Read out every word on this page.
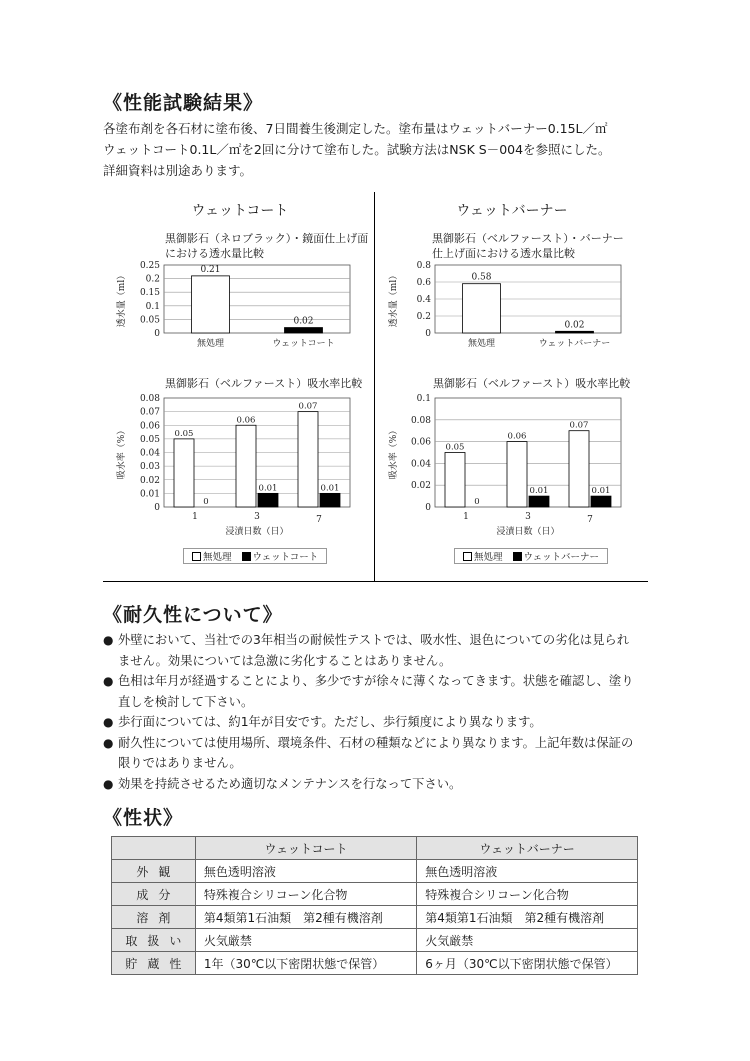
《性能試験結果》
各塗布剤を各石材に塗布後、7日間養生後測定した。塗布量はウェットバーナー0.15L／㎡
ウェットコート0.1L／㎡を2回に分けて塗布した。試験方法はNSK S－004を参照にした。
詳細資料は別途あります。
ウェットコート	ウェットバーナー
黒御影石（ネロブラック）・鏡面仕上げ面
における透水量比較
黒御影石（ベルファースト）・バーナー
仕上げ面における透水量比較
黒御影石（ベルファースト）吸水率比較	黒御影石（ベルファースト）吸水率比較
0
0.05
0.1
0.15
0.2
0.25
透水量（ml）
0.21
無処理
0.02
ウェットコート
0
0.2
0.4
0.6
0.8
透水量（ml）	0.58
無処理
0.02
ウェットバーナー
0
0.01
0.02
0.03
0.04
0.05
0.06
0.07
0.08
吸水率（%）	0.05
0
1
0.06
0.01
3
0.07
0.01
7
浸漬日数（日）
0
0.02
0.04
0.06
0.08
0.1
吸水率（%）	0.05
0
1
0.06
0.01
3
0.07
0.01
7
浸漬日数（日）
無処理	ウェットコート	無処理	ウェットバーナー
《耐久性について》
● 外壁において、当社での3年相当の耐候性テストでは、吸水性、退色についての劣化は見られ
ません。効果については急激に劣化することはありません。
● 色相は年月が経過することにより、多少ですが徐々に薄くなってきます。状態を確認し、塗り
直しを検討して下さい。
● 歩行面については、約1年が目安です。ただし、歩行頻度により異なります。
● 耐久性については使用場所、環境条件、石材の種類などにより異なります。上記年数は保証の
限りではありません。
● 効果を持続させるため適切なメンテナンスを行なって下さい。
《性状》
	ウェットコート	ウェットバーナー
外観	無色透明溶液	無色透明溶液
成分	特殊複合シリコーン化合物	特殊複合シリコーン化合物
溶剤	第4類第1石油類　第2種有機溶剤	第4類第1石油類　第2種有機溶剤
取扱い	火気厳禁	火気厳禁
貯蔵性	1年（30℃以下密閉状態で保管）	6ヶ月（30℃以下密閉状態で保管）
